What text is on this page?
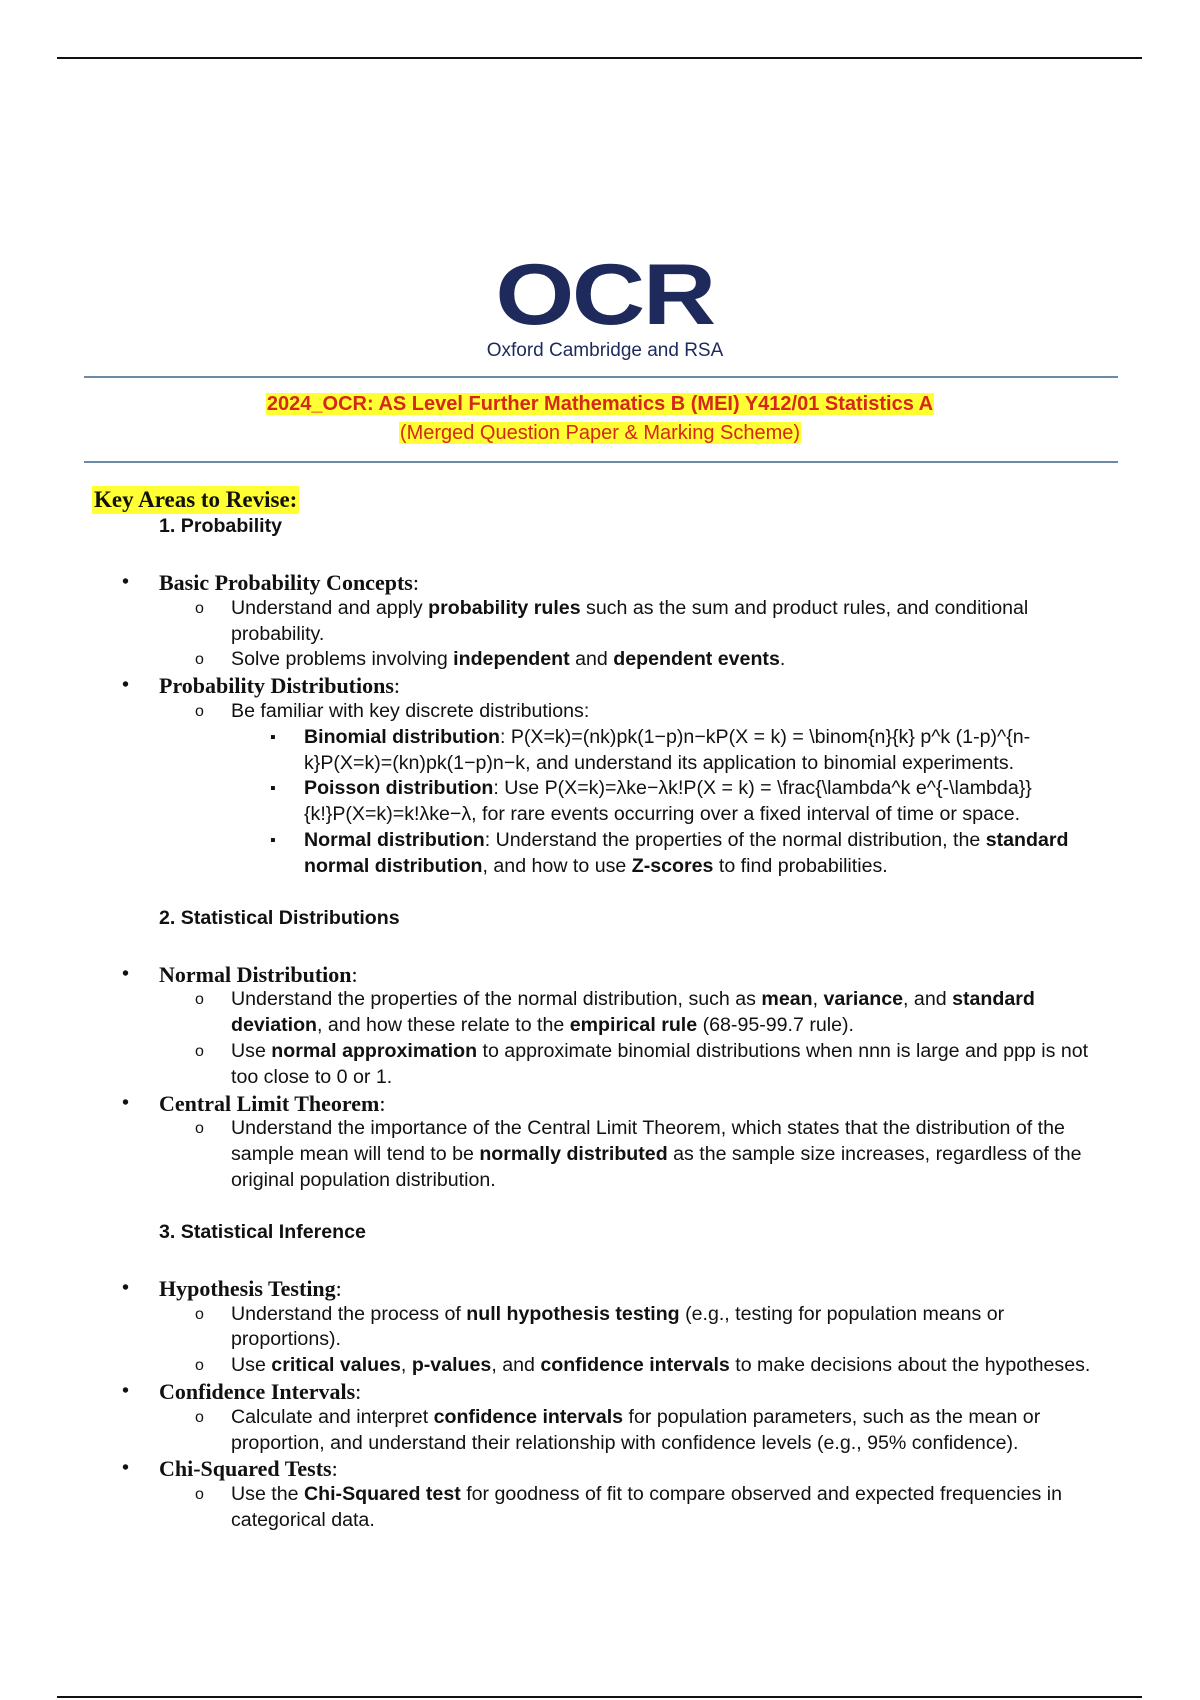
OCR
Oxford Cambridge and RSA
2024_OCR: AS Level Further Mathematics B (MEI) Y412/01 Statistics A
(Merged Question Paper & Marking Scheme)
Key Areas to Revise:
1. Probability
• Basic Probability Concepts:
o Understand and apply probability rules such as the sum and product rules, and conditional probability.
o Solve problems involving independent and dependent events.
• Probability Distributions:
o Be familiar with key discrete distributions:
▪ Binomial distribution: P(X=k)=(nk)pk(1−p)n−kP(X = k) = \binom{n}{k} p^k (1-p)^{n-k}P(X=k)=(kn)pk(1−p)n−k, and understand its application to binomial experiments.
▪ Poisson distribution: Use P(X=k)=λke−λk!P(X = k) = \frac{\lambda^k e^{-\lambda}}{k!}P(X=k)=k!λke−λ, for rare events occurring over a fixed interval of time or space.
▪ Normal distribution: Understand the properties of the normal distribution, the standard normal distribution, and how to use Z-scores to find probabilities.
2. Statistical Distributions
• Normal Distribution:
o Understand the properties of the normal distribution, such as mean, variance, and standard deviation, and how these relate to the empirical rule (68-95-99.7 rule).
o Use normal approximation to approximate binomial distributions when nnn is large and ppp is not too close to 0 or 1.
• Central Limit Theorem:
o Understand the importance of the Central Limit Theorem, which states that the distribution of the sample mean will tend to be normally distributed as the sample size increases, regardless of the original population distribution.
3. Statistical Inference
• Hypothesis Testing:
o Understand the process of null hypothesis testing (e.g., testing for population means or proportions).
o Use critical values, p-values, and confidence intervals to make decisions about the hypotheses.
• Confidence Intervals:
o Calculate and interpret confidence intervals for population parameters, such as the mean or proportion, and understand their relationship with confidence levels (e.g., 95% confidence).
• Chi-Squared Tests:
o Use the Chi-Squared test for goodness of fit to compare observed and expected frequencies in categorical data.
